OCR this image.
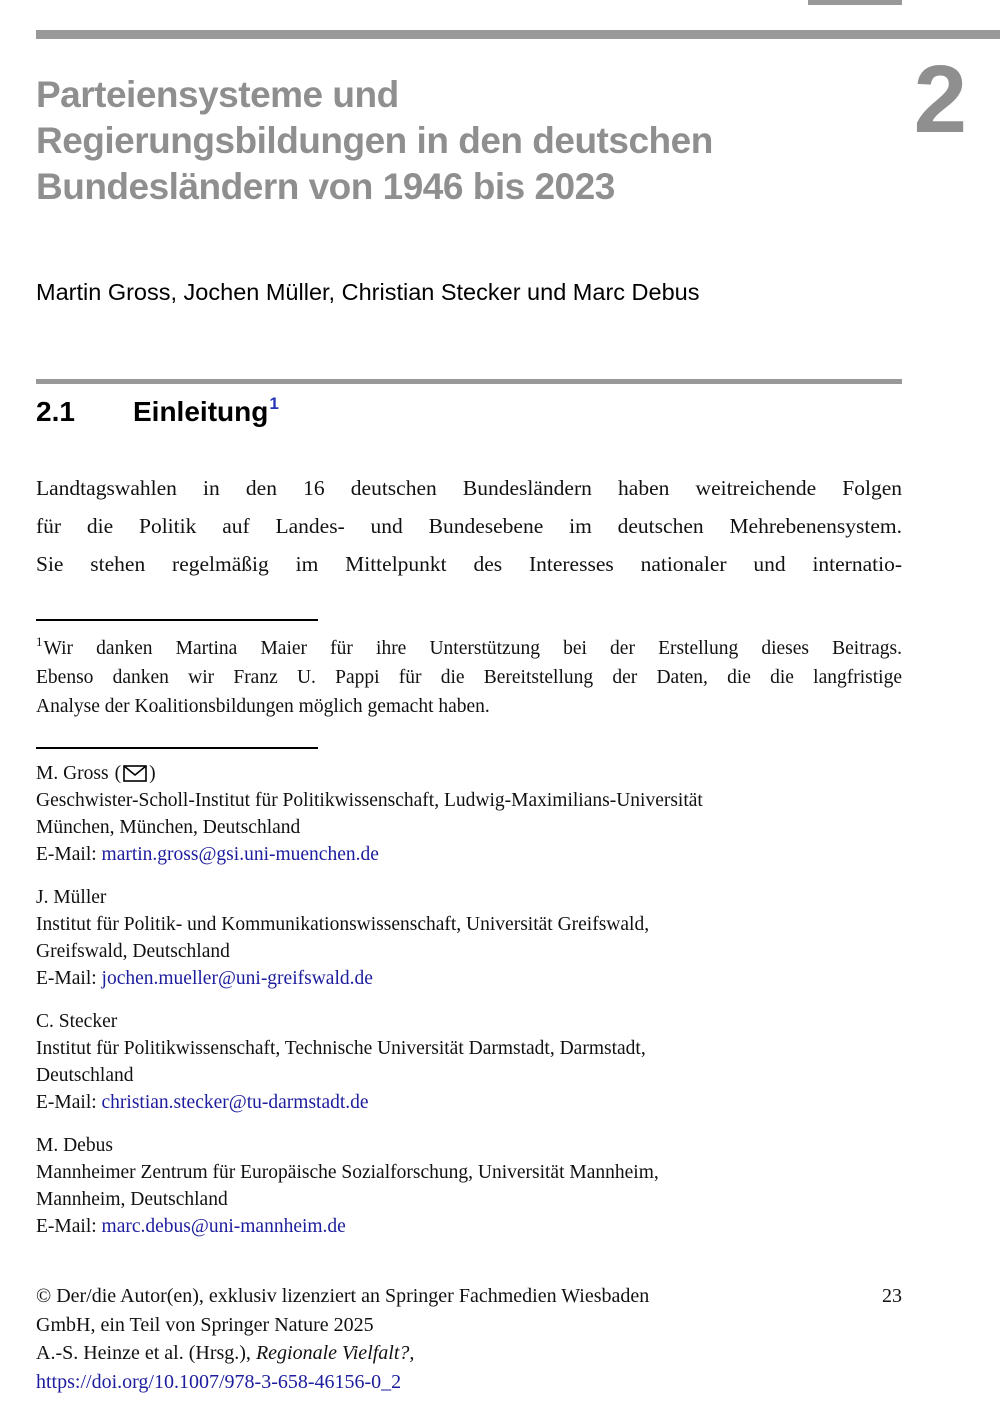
2
Parteiensysteme und
Regierungsbildungen in den deutschen
Bundesländern von 1946 bis 2023
Martin Gross, Jochen Müller, Christian Stecker und Marc Debus
2.1	Einleitung$^1$
Landtagswahlen in den 16 deutschen Bundesländern haben weitreichende Folgen
für die Politik auf Landes- und Bundesebene im deutschen Mehrebenensystem.
Sie stehen regelmäßig im Mittelpunkt des Interesses nationaler und internatio-
$^1$Wir danken Martina Maier für ihre Unterstützung bei der Erstellung dieses Beitrags.
Ebenso danken wir Franz U. Pappi für die Bereitstellung der Daten, die die langfristige
Analyse der Koalitionsbildungen möglich gemacht haben.
M. Gross ( )
Geschwister-Scholl-Institut für Politikwissenschaft, Ludwig-Maximilians-Universität
München, München, Deutschland
E-Mail: martin.gross@gsi.uni-muenchen.de
J. Müller
Institut für Politik- und Kommunikationswissenschaft, Universität Greifswald,
Greifswald, Deutschland
E-Mail: jochen.mueller@uni-greifswald.de
C. Stecker
Institut für Politikwissenschaft, Technische Universität Darmstadt, Darmstadt,
Deutschland
E-Mail: christian.stecker@tu-darmstadt.de
M. Debus
Mannheimer Zentrum für Europäische Sozialforschung, Universität Mannheim,
Mannheim, Deutschland
E-Mail: marc.debus@uni-mannheim.de
© Der/die Autor(en), exklusiv lizenziert an Springer Fachmedien Wiesbaden	23
GmbH, ein Teil von Springer Nature 2025
A.-S. Heinze et al. (Hrsg.), Regionale Vielfalt?,
https://doi.org/10.1007/978-3-658-46156-0_2
